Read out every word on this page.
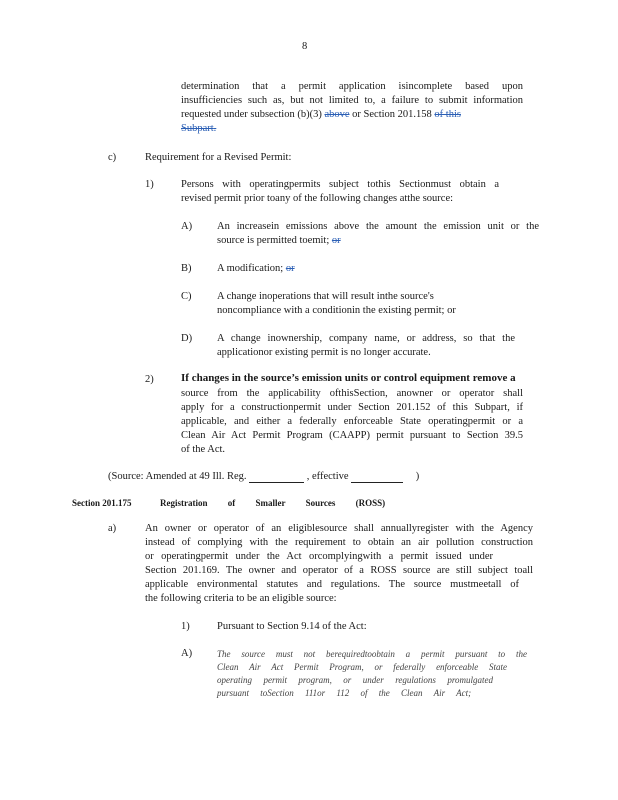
8
determination that a permit application isincomplete based upon
insufficiencies such as, but not limited to, a failure to submit information
requested under subsection (b)(3) above or Section 201.158 of this
Subpart.
c)	Requirement for a Revised Permit:
1)	Persons with operatingpermits subject tothis Sectionmust obtain a
revised permit prior toany of the following changes atthe source:
A) An increasein emissions above the amount the emission unit or the
source is permitted toemit; or
B) A modification; or
C) A change inoperations that will result inthe source's
noncompliance with a conditionin the existing permit; or
D) A change inownership, company name, or address, so that the
applicationor existing permit is no longer accurate.
2) If changes in the source’s emission units or control equipment remove a
source from the applicability ofthisSection, anowner or operator shall
apply for a constructionpermit under Section 201.152 of this Subpart, if
applicable, and either a federally enforceable State operatingpermit or a
Clean Air Act Permit Program (CAAPP) permit pursuant to Section 39.5
of the Act.
(Source: Amended at 49 Ill. Reg.	, effective	)
Section 201.175	Registration of Smaller Sources (ROSS)
a)	An owner or operator of an eligiblesource shall annuallyregister with the Agency
instead of complying with the requirement to obtain an air pollution construction
or operatingpermit under the Act orcomplyingwith a permit issued under
Section 201.169. The owner and operator of a ROSS source are still subject toall
applicable environmental statutes and regulations. The source mustmeetall of
the following criteria to be an eligible source:
1)	Pursuant to Section 9.14 of the Act:
A)	The source must not berequiredtoobtain a permit pursuant to the
Clean Air Act Permit Program, or federally enforceable State
operating permit program, or under regulations promulgated
pursuant toSection 111or 112 of the Clean Air Act;
